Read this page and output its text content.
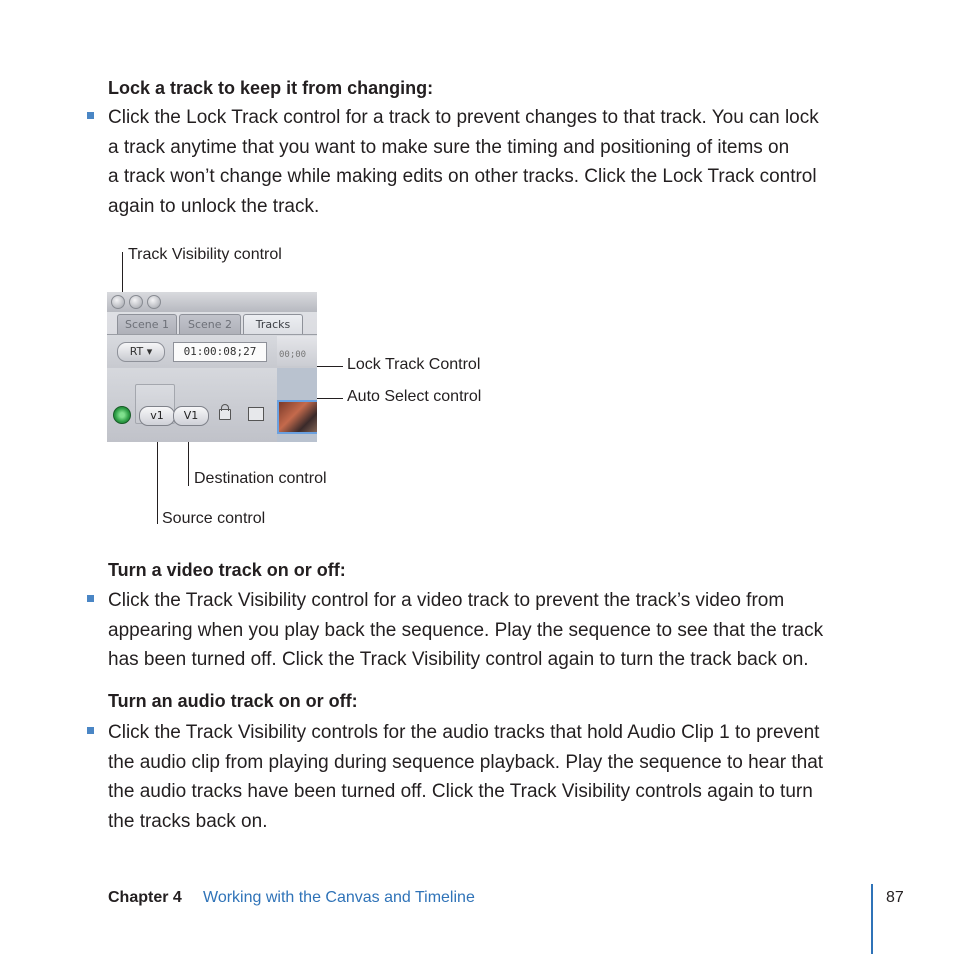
Lock a track to keep it from changing:
Click the Lock Track control for a track to prevent changes to that track. You can lock
a track anytime that you want to make sure the timing and positioning of items on
a track won’t change while making edits on other tracks. Click the Lock Track control
again to unlock the track.
Track Visibility control
Lock Track Control
Auto Select control
Destination control
Source control
Scene 1	Scene 2	Tracks
RT ▾	01:00:08;27	00;00
v1	V1
Turn a video track on or off:
Click the Track Visibility control for a video track to prevent the track’s video from
appearing when you play back the sequence. Play the sequence to see that the track
has been turned off. Click the Track Visibility control again to turn the track back on.
Turn an audio track on or off:
Click the Track Visibility controls for the audio tracks that hold Audio Clip 1 to prevent
the audio clip from playing during sequence playback. Play the sequence to hear that
the audio tracks have been turned off. Click the Track Visibility controls again to turn
the tracks back on.
Chapter 4 Working with the Canvas and Timeline	87
